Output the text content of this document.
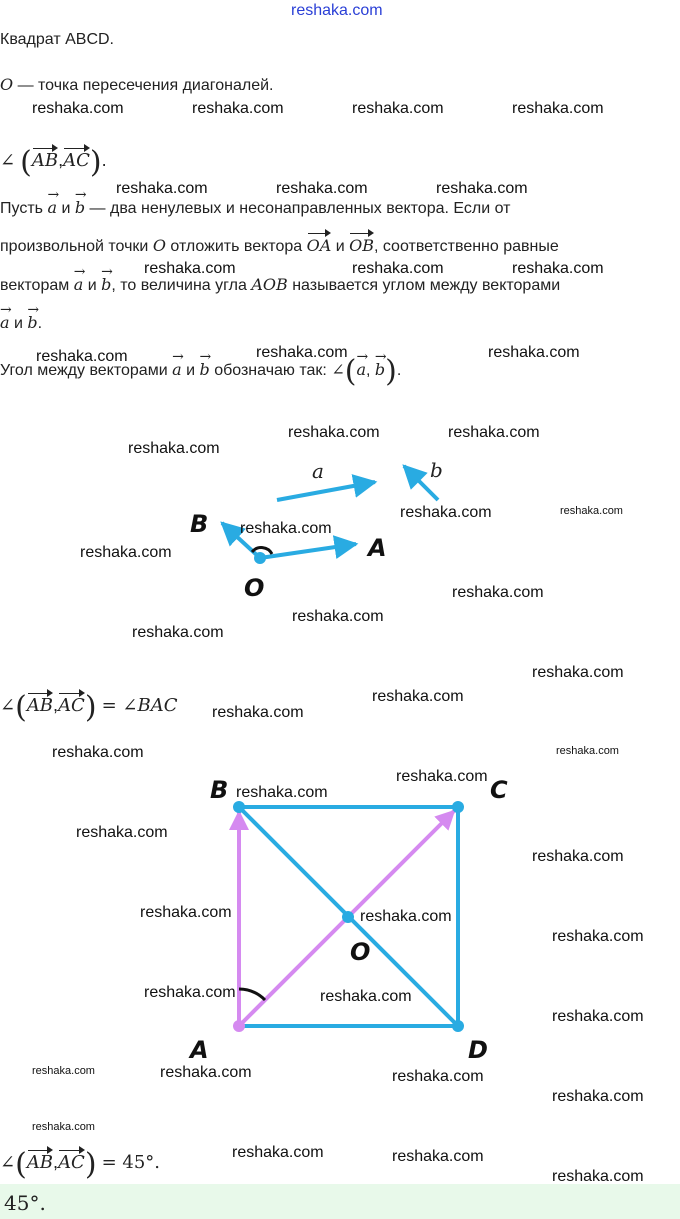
reshaka.com
Квадрат ABCD.
O — точка пересечения диагоналей.
∠ (AB,AC).
Пусть → a и → b — два ненулевых и несонаправленных вектора. Если от
произвольной точки O отложить вектора OA и OB, соответственно равные
векторам → a и → b, то величина угла AOB называется углом между векторами
→ a и → b.
Угол между векторами → a и → b обозначаю так: ∠(→ a, → b).
a	b
B
A
O
∠(AB,AC) = ∠BAC
B	C
A	D
O
∠(AB,AC) = 45°.
45°.
reshaka.com	reshaka.com	reshaka.com	reshaka.com
reshaka.com	reshaka.com	reshaka.com
reshaka.com	reshaka.com	reshaka.com
reshaka.com	reshaka.com	reshaka.com
reshaka.com	reshaka.com
reshaka.com
reshaka.com	reshaka.com
reshaka.com
reshaka.com
reshaka.com
reshaka.com
reshaka.com
reshaka.com
reshaka.com
reshaka.com
reshaka.com	reshaka.com
reshaka.com
reshaka.com
reshaka.com
reshaka.com
reshaka.com	reshaka.com
reshaka.com
reshaka.com	reshaka.com
reshaka.com
reshaka.com	reshaka.com	reshaka.com
reshaka.com
reshaka.com
reshaka.com	reshaka.com
reshaka.com
